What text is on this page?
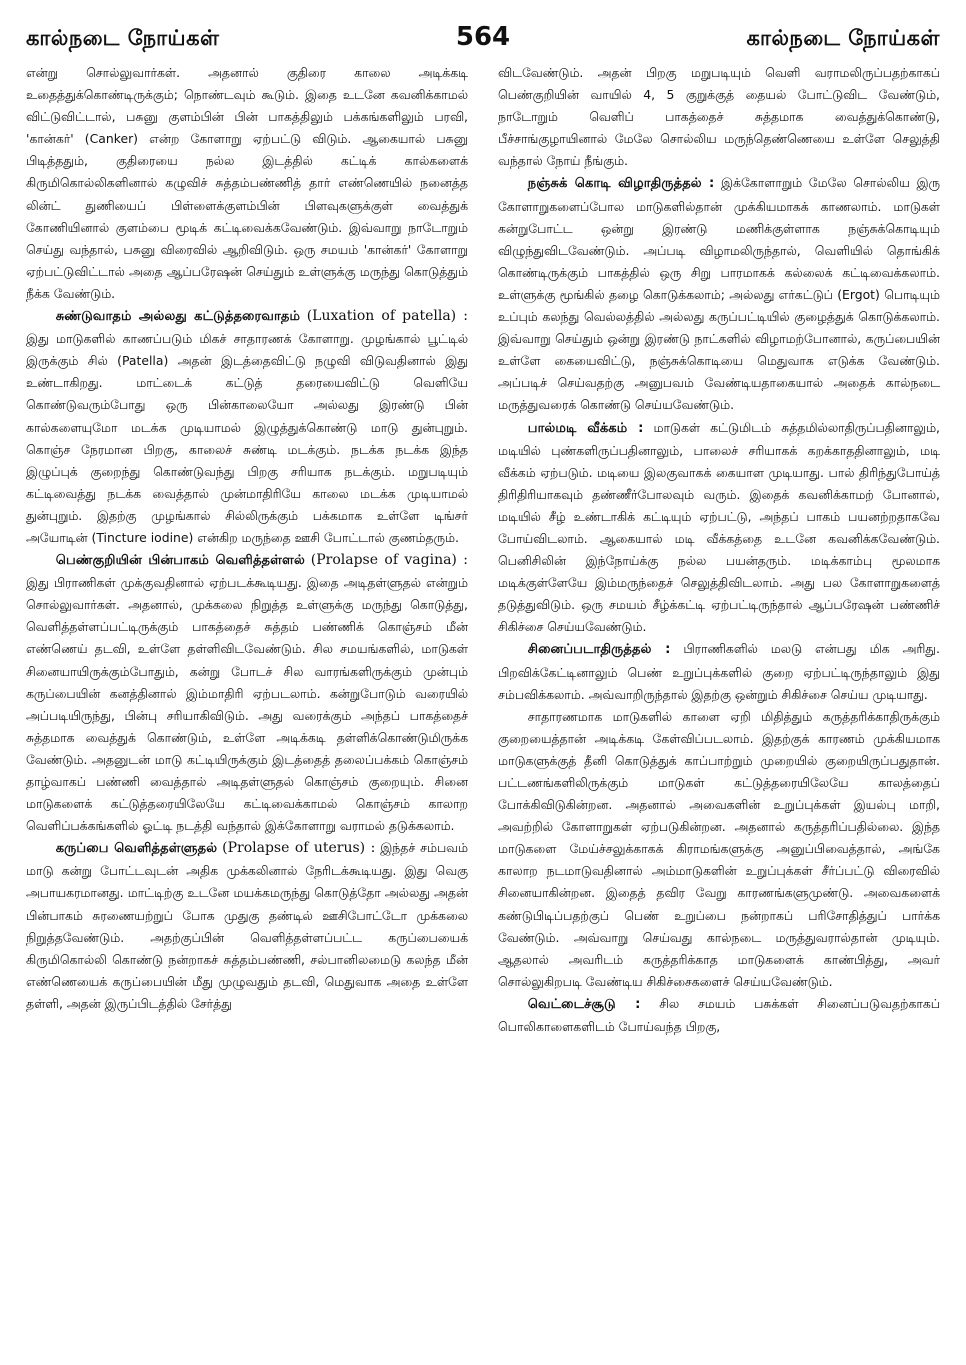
கால்நடை நோய்கள்	564	கால்நடை நோய்கள்

என்று சொல்லுவார்கள். அதனால் குதிரை காலை அடிக்கடி உதைத்துக்கொண்டிருக்கும்; நொண்டவும் கூடும். இதை உடனே கவனிக்காமல் விட்டுவிட்டால், பசுனு குளம்பின் பின் பாகத்திலும் பக்கங்களிலும் பரவி, 'கான்கர்' (Canker) என்ற கோளாறு ஏற்பட்டு விடும். ஆகையால் பசுனு பிடித்ததும், குதிரையை நல்ல இடத்தில் கட்டிக் கால்களைக் கிருமிகொல்லிகளினால் கழுவிச் சுத்தம்பண்ணித் தார் எண்ணெயில் நனைத்த லின்ட் துணியைப் பிள்ளைக்குளம்பின் பிளவுகளுக்குள் வைத்துக் கோணியினால் குளம்பை மூடிக் கட்டிவைக்கவேண்டும். இவ்வாறு நாடோறும் செய்து வந்தால், பசுனு விரைவில் ஆறிவிடும். ஒரு சமயம் 'கான்கர்' கோளாறு ஏற்பட்டுவிட்டால் அதை ஆப்பரேஷன் செய்தும் உள்ளுக்கு மருந்து கொடுத்தும் நீக்க வேண்டும்.

சுண்டுவாதம் அல்லது கட்டுத்தரைவாதம் (Luxation of patella) : இது மாடுகளில் காணப்படும் மிகச் சாதாரணக் கோளாறு. முழங்கால் பூட்டில் இருக்கும் சில் (Patella) அதன் இடத்தைவிட்டு நழுவி விடுவதினால் இது உண்டாகிறது. மாட்டைக் கட்டுத் தரையைவிட்டு வெளியே கொண்டுவரும்போது ஒரு பின்காலையோ அல்லது இரண்டு பின் கால்களையுமோ மடக்க முடியாமல் இழுத்துக்கொண்டு மாடு துன்புறும். கொஞ்ச நேரமான பிறகு, காலைச் சுண்டி மடக்கும். நடக்க நடக்க இந்த இழுப்புக் குறைந்து கொண்டுவந்து பிறகு சரியாக நடக்கும். மறுபடியும் கட்டிவைத்து நடக்க வைத்தால் முன்மாதிரியே காலை மடக்க முடியாமல் துன்புறும். இதற்கு முழங்கால் சில்லிருக்கும் பக்கமாக உள்ளே டிங்சர் அயோடின் (Tincture iodine) என்கிற மருந்தை ஊசி போட்டால் குணம்தரும்.

பெண்குறியின் பின்பாகம் வெளித்தள்ளல் (Prolapse of vagina) : இது பிராணிகள் முக்குவதினால் ஏற்படக்கூடியது. இதை அடிதள்ளுதல் என்றும் சொல்லுவார்கள். அதனால், முக்கலை நிறுத்த உள்ளுக்கு மருந்து கொடுத்து, வெளித்தள்ளப்பட்டிருக்கும் பாகத்தைச் சுத்தம் பண்ணிக் கொஞ்சம் மீன் எண்ணெய் தடவி, உள்ளே தள்ளிவிடவேண்டும். சில சமயங்களில், மாடுகள் சினையாயிருக்கும்போதும், கன்று போடச் சில வாரங்களிருக்கும் முன்பும் கருப்பையின் கனத்தினால் இம்மாதிரி ஏற்படலாம். கன்றுபோடும் வரையில் அப்படியிருந்து, பின்பு சரியாகிவிடும். அது வரைக்கும் அந்தப் பாகத்தைச் சுத்தமாக வைத்துக் கொண்டும், உள்ளே அடிக்கடி தள்ளிக்கொண்டுமிருக்க வேண்டும். அதனுடன் மாடு கட்டியிருக்கும் இடத்தைத் தலைப்பக்கம் கொஞ்சம் தாழ்வாகப் பண்ணி வைத்தால் அடிதள்ளுதல் கொஞ்சம் குறையும். சினை மாடுகளைக் கட்டுத்தரையிலேயே கட்டிவைக்காமல் கொஞ்சம் காலாற வெளிப்பக்கங்களில் ஓட்டி நடத்தி வந்தால் இக்கோளாறு வராமல் தடுக்கலாம்.

கருப்பை வெளித்தள்ளுதல் (Prolapse of uterus) : இந்தச் சம்பவம் மாடு கன்று போட்டவுடன் அதிக முக்கலினால் நேரிடக்கூடியது. இது வெகு அபாயகரமானது. மாட்டிற்கு உடனே மயக்கமருந்து கொடுத்தோ அல்லது அதன் பின்பாகம் சுரணையற்றுப் போக முதுகு தண்டில் ஊசிபோட்டோ முக்கலை நிறுத்தவேண்டும். அதற்குப்பின் வெளித்தள்ளப்பட்ட கருப்பையைக் கிருமிகொல்லி கொண்டு நன்றாகச் சுத்தம்பண்ணி, சல்பானிலமைடு கலந்த மீன் எண்ணெயைக் கருப்பையின் மீது முழுவதும் தடவி, மெதுவாக அதை உள்ளே தள்ளி, அதன் இருப்பிடத்தில் சேர்த்து

விடவேண்டும். அதன் பிறகு மறுபடியும் வெளி வராமலிருப்பதற்காகப் பெண்குறியின் வாயில் 4, 5 குறுக்குத் தையல் போட்டுவிட வேண்டும், நாடோறும் வெளிப் பாகத்தைச் சுத்தமாக வைத்துக்கொண்டு, பீச்சாங்குழாயினால் மேலே சொல்லிய மருந்தெண்ணெயை உள்ளே செலுத்தி வந்தால் நோய் நீங்கும்.

நஞ்சுக் கொடி விழாதிருத்தல் : இக்கோளாறும் மேலே சொல்லிய இரு கோளாறுகளைப்போல மாடுகளில்தான் முக்கியமாகக் காணலாம். மாடுகள் கன்றுபோட்ட ஒன்று இரண்டு மணிக்குள்ளாக நஞ்சுக்கொடியும் விழுந்துவிடவேண்டும். அப்படி விழாமலிருந்தால், வெளியில் தொங்கிக் கொண்டிருக்கும் பாகத்தில் ஒரு சிறு பாரமாகக் கல்லைக் கட்டிவைக்கலாம். உள்ளுக்கு மூங்கில் தழை கொடுக்கலாம்; அல்லது எர்கட்டுப் (Ergot) பொடியும் உப்பும் கலந்து வெல்லத்தில் அல்லது கருப்பட்டியில் குழைத்துக் கொடுக்கலாம். இவ்வாறு செய்தும் ஒன்று இரண்டு நாட்களில் விழாமற்போனால், கருப்பையின் உள்ளே கையைவிட்டு, நஞ்சுக்கொடியை மெதுவாக எடுக்க வேண்டும். அப்படிச் செய்வதற்கு அனுபவம் வேண்டியதாகையால் அதைக் கால்நடை மருத்துவரைக் கொண்டு செய்யவேண்டும்.

பால்மடி வீக்கம் : மாடுகள் கட்டுமிடம் சுத்தமில்லாதிருப்பதினாலும், மடியில் புண்களிருப்பதினாலும், பாலைச் சரியாகக் கறக்காததினாலும், மடி வீக்கம் ஏற்படும். மடியை இலகுவாகக் கையாள முடியாது. பால் திரிந்துபோய்த் திரிதிரியாகவும் தண்ணீர்போலவும் வரும். இதைக் கவனிக்காமற் போனால், மடியில் சீழ் உண்டாகிக் கட்டியும் ஏற்பட்டு, அந்தப் பாகம் பயனற்றதாகவே போய்விடலாம். ஆகையால் மடி வீக்கத்தை உடனே கவனிக்கவேண்டும். பெனிசிலின் இந்நோய்க்கு நல்ல பயன்தரும். மடிக்காம்பு மூலமாக மடிக்குள்ளேயே இம்மருந்தைச் செலுத்திவிடலாம். அது பல கோளாறுகளைத் தடுத்துவிடும். ஒரு சமயம் சீழ்க்கட்டி ஏற்பட்டிருந்தால் ஆப்பரேஷன் பண்ணிச் சிகிச்சை செய்யவேண்டும்.

சினைப்படாதிருத்தல் : பிராணிகளில் மலடு என்பது மிக அரிது. பிறவிக்கேட்டினாலும் பெண் உறுப்புக்களில் குறை ஏற்பட்டிருந்தாலும் இது சம்பவிக்கலாம். அவ்வாறிருந்தால் இதற்கு ஒன்றும் சிகிச்சை செய்ய முடியாது.

சாதாரணமாக மாடுகளில் காளை ஏறி மிதித்தும் கருத்தரிக்காதிருக்கும் குறையைத்தான் அடிக்கடி கேள்விப்படலாம். இதற்குக் காரணம் முக்கியமாக மாடுகளுக்குத் தீனி கொடுத்துக் காப்பாற்றும் முறையில் குறையிருப்பதுதான். பட்டணங்களிலிருக்கும் மாடுகள் கட்டுத்தரையிலேயே காலத்தைப் போக்கிவிடுகின்றன. அதனால் அவைகளின் உறுப்புக்கள் இயல்பு மாறி, அவற்றில் கோளாறுகள் ஏற்படுகின்றன. அதனால் கருத்தரிப்பதில்லை. இந்த மாடுகளை மேய்ச்சலுக்காகக் கிராமங்களுக்கு அனுப்பிவைத்தால், அங்கே காலாற நடமாடுவதினால் அம்மாடுகளின் உறுப்புக்கள் சீர்ப்பட்டு விரைவில் சினையாகின்றன. இதைத் தவிர வேறு காரணங்களுமுண்டு. அவைகளைக் கண்டுபிடிப்பதற்குப் பெண் உறுப்பை நன்றாகப் பரிசோதித்துப் பார்க்க வேண்டும். அவ்வாறு செய்வது கால்நடை மருத்துவரால்தான் முடியும். ஆதலால் அவரிடம் கருத்தரிக்காத மாடுகளைக் காண்பித்து, அவர் சொல்லுகிறபடி வேண்டிய சிகிச்சைகளைச் செய்யவேண்டும்.

வெட்டைச்சூடு : சில சமயம் பசுக்கள் சினைப்படுவதற்காகப் பொலிகாளைகளிடம் போய்வந்த பிறகு,
